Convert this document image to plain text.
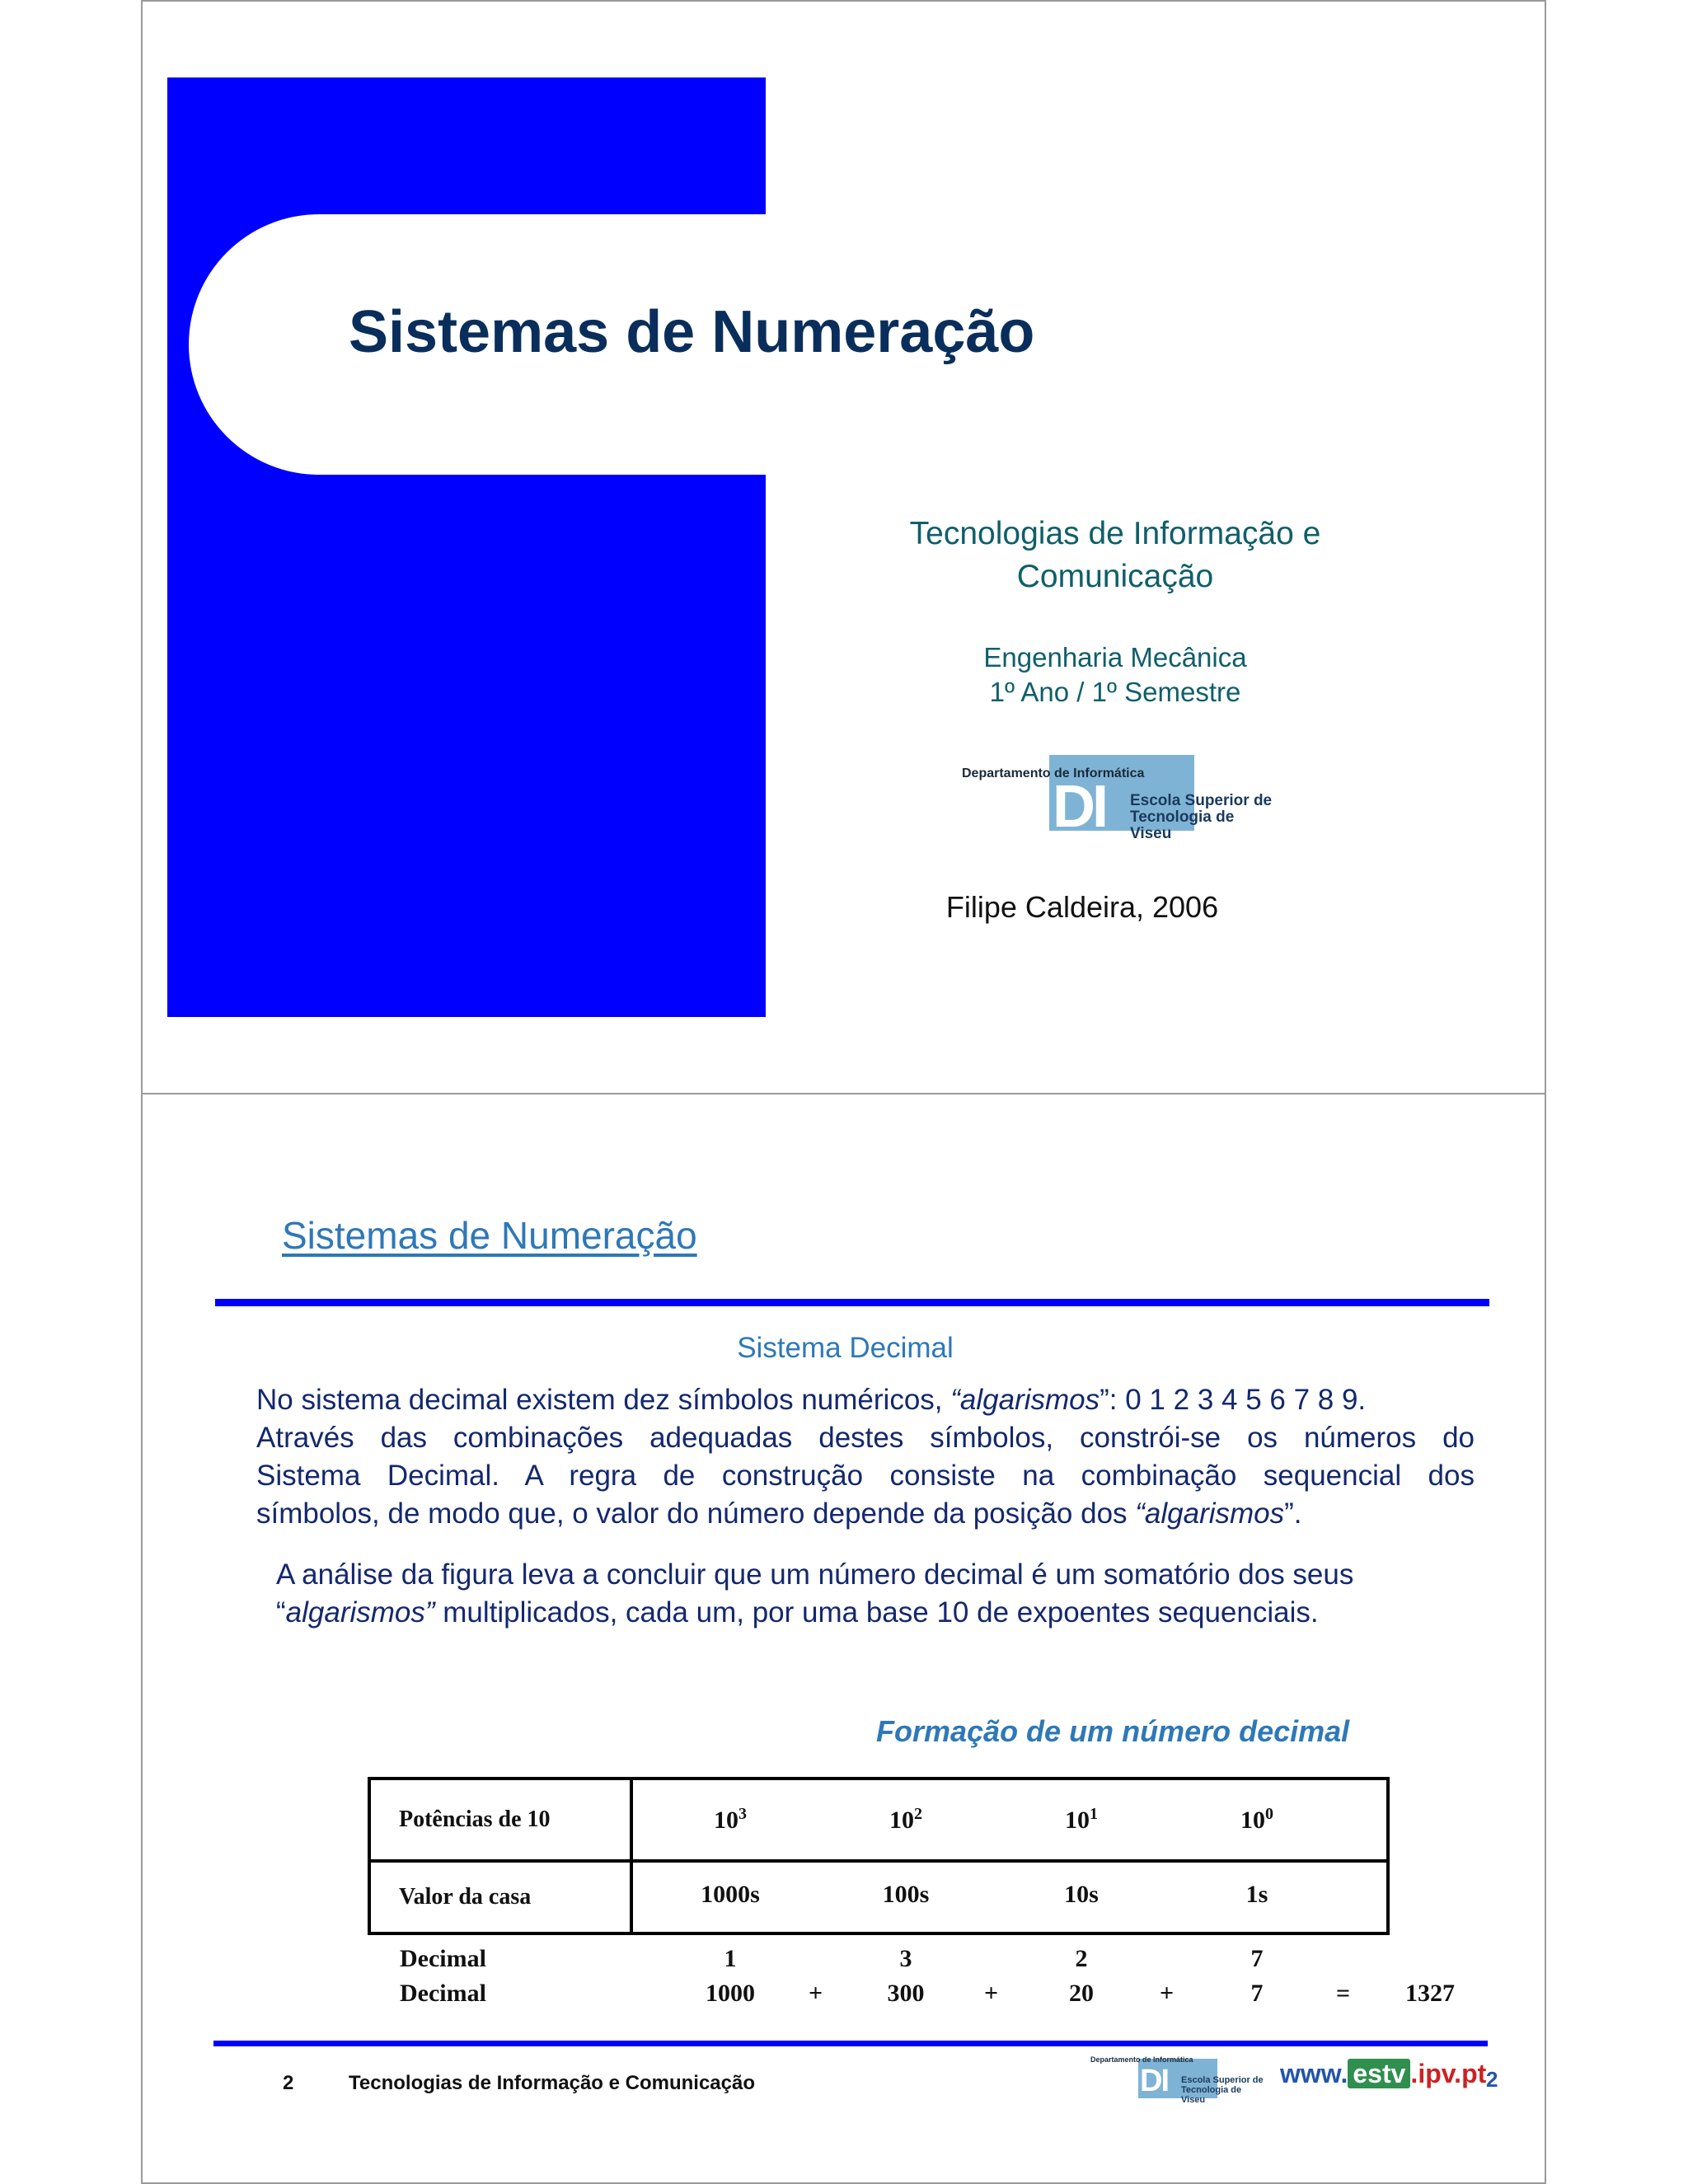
Sistemas de Numeração
Tecnologias de Informação e
Comunicação
Engenharia Mecânica
1º Ano / 1º Semestre
Departamento de Informática
DI Escola Superior de
Tecnologia de
Viseu
Filipe Caldeira, 2006
Sistemas de Numeração
Sistema Decimal
No sistema decimal existem dez símbolos numéricos, “algarismos”: 0 1 2 3 4 5 6 7 8 9.
Através das combinações adequadas destes símbolos, constrói-se os números do
Sistema Decimal. A regra de construção consiste na combinação sequencial dos
símbolos, de modo que, o valor do número depende da posição dos “algarismos”.
A análise da figura leva a concluir que um número decimal é um somatório dos seus
“algarismos” multiplicados, cada um, por uma base 10 de expoentes sequenciais.
Formação de um número decimal
Potências de 10	$10^3$	$10^2$	$10^1$	$10^0$
Valor da casa	1000s	100s	10s	1s
Decimal	1	3	2	7
Decimal	1000	+	300	+	20	+	7	= 1327
2	Tecnologias de Informação e Comunicação
Departamento de Informática
DI Escola Superior de
Tecnologia de
Viseu
www. estv .ipv.pt 2
